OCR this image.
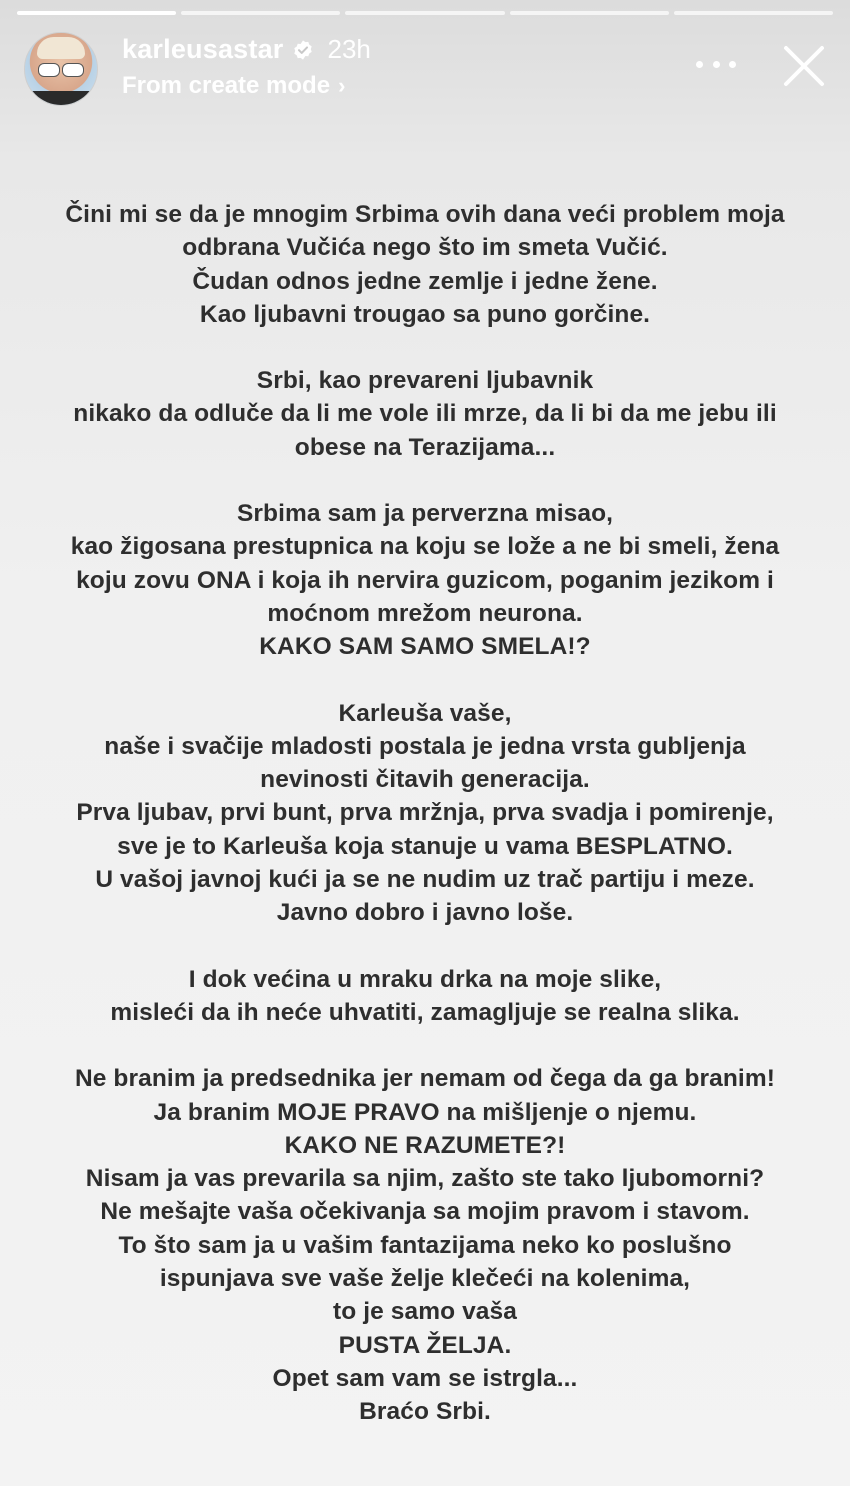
karleusastar 23h
From create mode ›

Čini mi se da je mnogim Srbima ovih dana veći problem moja
odbrana Vučića nego što im smeta Vučić.
Čudan odnos jedne zemlje i jedne žene.
Kao ljubavni trougao sa puno gorčine.

Srbi, kao prevareni ljubavnik
nikako da odluče da li me vole ili mrze, da li bi da me jebu ili
obese na Terazijama...

Srbima sam ja perverzna misao,
kao žigosana prestupnica na koju se lože a ne bi smeli, žena
koju zovu ONA i koja ih nervira guzicom, poganim jezikom i
moćnom mrežom neurona.
KAKO SAM SAMO SMELA!?

Karleuša vaše,
naše i svačije mladosti postala je jedna vrsta gubljenja
nevinosti čitavih generacija.
Prva ljubav, prvi bunt, prva mržnja, prva svadja i pomirenje,
sve je to Karleuša koja stanuje u vama BESPLATNO.
U vašoj javnoj kući ja se ne nudim uz trač partiju i meze.
Javno dobro i javno loše.

I dok većina u mraku drka na moje slike,
misleći da ih neće uhvatiti, zamagljuje se realna slika.

Ne branim ja predsednika jer nemam od čega da ga branim!
Ja branim MOJE PRAVO na mišljenje o njemu.
KAKO NE RAZUMETE?!
Nisam ja vas prevarila sa njim, zašto ste tako ljubomorni?
Ne mešajte vaša očekivanja sa mojim pravom i stavom.
To što sam ja u vašim fantazijama neko ko poslušno
ispunjava sve vaše želje klečeći na kolenima,
to je samo vaša
PUSTA ŽELJA.
Opet sam vam se istrgla...
Braćo Srbi.
